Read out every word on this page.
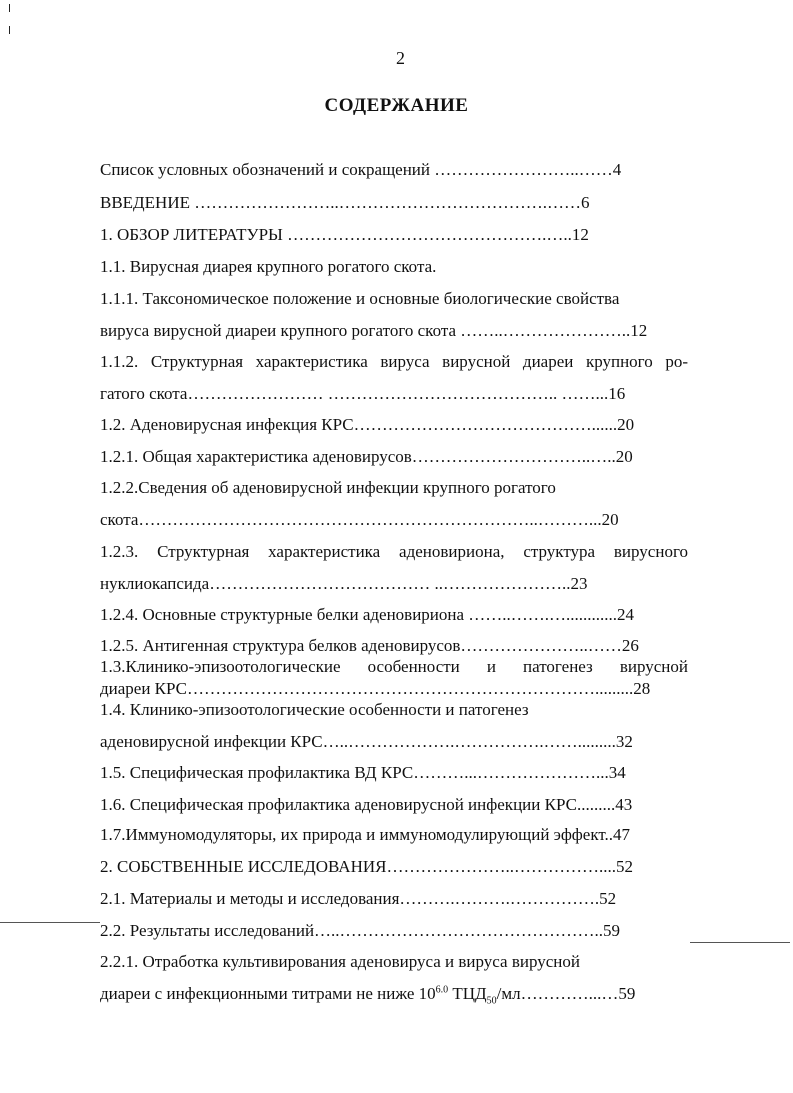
2
СОДЕРЖАНИЕ
Список условных обозначений и сокращений ……………………..……4
ВВЕДЕНИЕ ……………………..……………………………….……6
1. ОБЗОР ЛИТЕРАТУРЫ ……………………………………….…..12
1.1. Вирусная диарея крупного рогатого скота.
1.1.1. Таксономическое положение и основные биологические свойства
вируса вирусной диареи крупного рогатого скота ……..…………………..12
1.1.2. Структурная характеристика вируса вирусной диареи крупного ро-
гатого скота…………………… ………………………………….. ……...16
1.2. Аденовирусная инфекция КРС……………………………………......20
1.2.1. Общая характеристика аденовирусов…………………………..…..20
1.2.2.Сведения об аденовирусной инфекции крупного рогатого
скота……………………………………………………………..………...20
1.2.3. Структурная характеристика аденовириона, структура вирусного
нуклиокапсида………………………………… ..…………………..23
1.2.4. Основные структурные белки аденовириона ……..…….…............24
1.2.5. Антигенная структура белков аденовирусов…………………..……26
1.3.Клинико-эпизоотологические особенности и патогенез вирусной
диареи КРС……………………………………………………………….........28
1.4. Клинико-эпизоотологические особенности и патогенез
аденовирусной инфекции КРС…..……………….…………….…….........32
1.5. Специфическая профилактика ВД КРС………...…………………...34
1.6. Специфическая профилактика аденовирусной инфекции КРС.........43
1.7.Иммуномодуляторы, их природа и иммуномодулирующий эффект..47
2. СОБСТВЕННЫЕ ИССЛЕДОВАНИЯ…………………..……………....52
2.1. Материалы и методы и исследования……….……….…………….52
2.2. Результаты исследований…..………………………………………..59
2.2.1. Отработка культивирования аденовируса и вируса вирусной
диареи с инфекционными титрами не ниже $10^{6.0}$ $ТЦД_{50}/мл\dots\dots\dots\dots...\dots 59$
